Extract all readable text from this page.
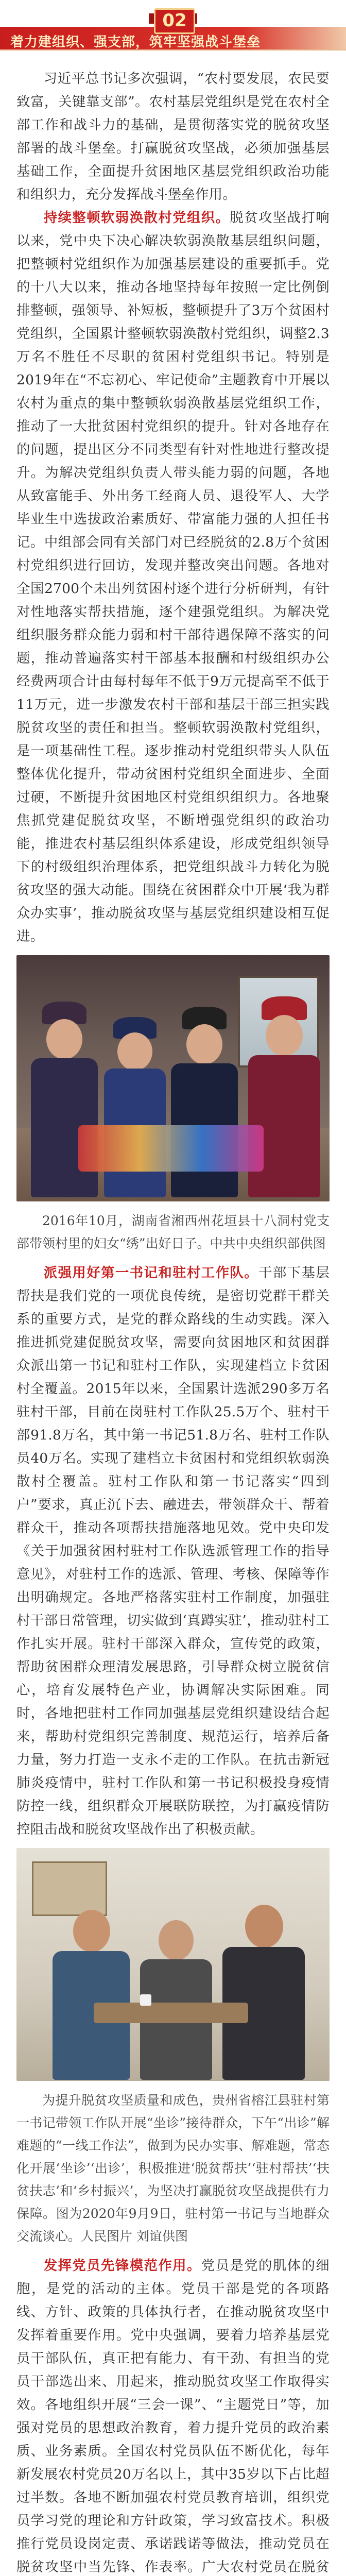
着力建组织、强支部，筑牢坚强战斗堡垒
02

习近平总书记多次强调，“农村要发展，农民要致富，关键靠支部”。农村基层党组织是党在农村全部工作和战斗力的基础，是贯彻落实党的脱贫攻坚部署的战斗堡垒。打赢脱贫攻坚战，必须加强基层基础工作，全面提升贫困地区基层党组织政治功能和组织力，充分发挥战斗堡垒作用。

持续整顿软弱涣散村党组织。脱贫攻坚战打响以来，党中央下决心解决软弱涣散基层组织问题，把整顿村党组织作为加强基层建设的重要抓手。党的十八大以来，推动各地坚持每年按照一定比例倒排整顿，强领导、补短板，整顿提升了3万个贫困村党组织，全国累计整顿软弱涣散村党组织，调整2.3万名不胜任不尽职的贫困村党组织书记。特别是2019年在“不忘初心、牢记使命”主题教育中开展以农村为重点的集中整顿软弱涣散基层党组织工作，推动了一大批贫困村党组织的提升。针对各地存在的问题，提出区分不同类型有针对性地进行整改提升。为解决党组织负责人带头能力弱的问题，各地从致富能手、外出务工经商人员、退役军人、大学毕业生中选拔政治素质好、带富能力强的人担任书记。中组部会同有关部门对已经脱贫的2.8万个贫困村党组织进行回访，发现并整改突出问题。各地对全国2700个未出列贫困村逐个进行分析研判，有针对性地落实帮扶措施，逐个建强党组织。为解决党组织服务群众能力弱和村干部待遇保障不落实的问题，推动普遍落实村干部基本报酬和村级组织办公经费两项合计由每村每年不低于9万元提高至不低于11万元，进一步激发农村干部和基层干部三担实践脱贫攻坚的责任和担当。整顿软弱涣散村党组织，是一项基础性工程。逐步推动村党组织带头人队伍整体优化提升，带动贫困村党组织全面进步、全面过硬，不断提升贫困地区村党组织组织力。各地聚焦抓党建促脱贫攻坚，不断增强党组织的政治功能，推进农村基层组织体系建设，形成党组织领导下的村级组织治理体系，把党组织战斗力转化为脱贫攻坚的强大动能。围绕在贫困群众中开展‘我为群众办实事’，推动脱贫攻坚与基层党组织建设相互促进。

2016年10月，湖南省湘西州花垣县十八洞村党支部带领村里的妇女“绣”出好日子。中共中央组织部供图

派强用好第一书记和驻村工作队。干部下基层帮扶是我们党的一项优良传统，是密切党群干群关系的重要方式，是党的群众路线的生动实践。深入推进抓党建促脱贫攻坚，需要向贫困地区和贫困群众派出第一书记和驻村工作队，实现建档立卡贫困村全覆盖。2015年以来，全国累计选派290多万名驻村干部，目前在岗驻村工作队25.5万个、驻村干部91.8万名，其中第一书记51.8万名、驻村工作队员40万名。实现了建档立卡贫困村和党组织软弱涣散村全覆盖。驻村工作队和第一书记落实“四到户”要求，真正沉下去、融进去，带领群众干、帮着群众干，推动各项帮扶措施落地见效。党中央印发《关于加强贫困村驻村工作队选派管理工作的指导意见》，对驻村工作的选派、管理、考核、保障等作出明确规定。各地严格落实驻村工作制度，加强驻村干部日常管理，切实做到‘真蹲实驻’，推动驻村工作扎实开展。驻村干部深入群众，宣传党的政策，帮助贫困群众理清发展思路，引导群众树立脱贫信心，培育发展特色产业，协调解决实际困难。同时，各地把驻村工作同加强基层党组织建设结合起来，帮助村党组织完善制度、规范运行，培养后备力量，努力打造一支永不走的工作队。在抗击新冠肺炎疫情中，驻村工作队和第一书记积极投身疫情防控一线，组织群众开展联防联控，为打赢疫情防控阻击战和脱贫攻坚战作出了积极贡献。

为提升脱贫攻坚质量和成色，贵州省榕江县驻村第一书记带领工作队开展“坐诊”接待群众，下午“出诊”解难题的“一线工作法”，做到为民办实事、解难题，常态化开展‘坐诊’‘出诊’，积极推进‘脱贫帮扶’‘驻村帮扶’‘扶贫扶志’和‘乡村振兴’，为坚决打赢脱贫攻坚战提供有力保障。图为2020年9月9日，驻村第一书记与当地群众交流谈心。人民图片 刘谊供图

发挥党员先锋模范作用。党员是党的肌体的细胞，是党的活动的主体。党员干部是党的各项路线、方针、政策的具体执行者，在推动脱贫攻坚中发挥着重要作用。党中央强调，要着力培养基层党员干部队伍，真正把有能力、有干劲、有担当的党员干部选出来、用起来，推动脱贫攻坚工作取得实效。各地组织开展“三会一课”、“主题党日”等，加强对党员的思想政治教育，着力提升党员的政治素质、业务素质。全国农村党员队伍不断优化，每年新发展农村党员20万名以上，其中35岁以下占比超过半数。各地不断加强农村党员教育培训，组织党员学习党的理论和方针政策，学习致富技术。积极推行党员设岗定责、承诺践诺等做法，推动党员在脱贫攻坚中当先锋、作表率。广大农村党员在脱贫
